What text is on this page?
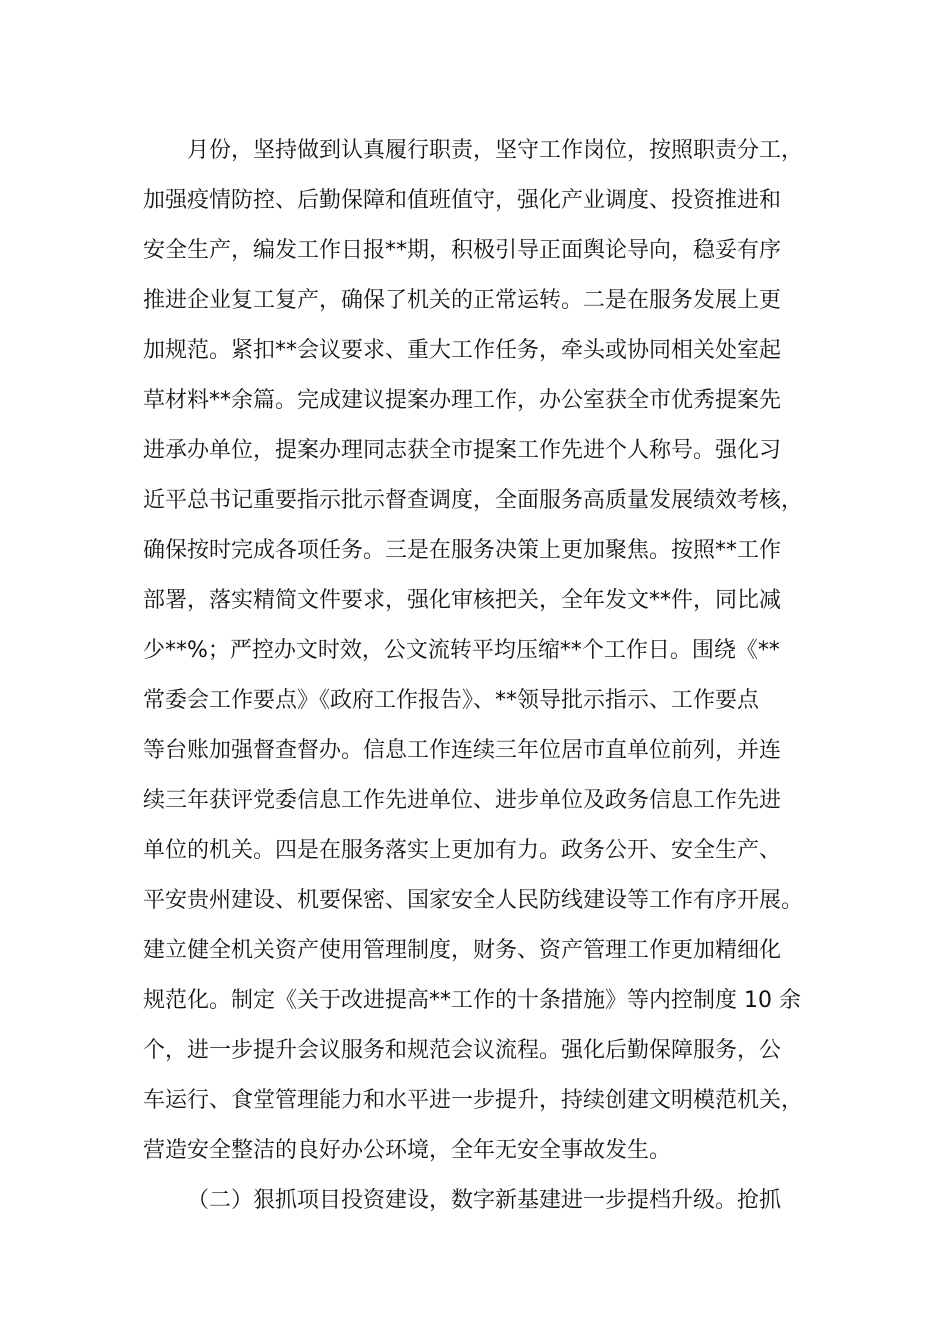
月份，坚持做到认真履行职责，坚守工作岗位，按照职责分工，
加强疫情防控、后勤保障和值班值守，强化产业调度、投资推进和
安全生产，编发工作日报**期，积极引导正面舆论导向，稳妥有序
推进企业复工复产，确保了机关的正常运转。二是在服务发展上更
加规范。紧扣**会议要求、重大工作任务，牵头或协同相关处室起
草材料**余篇。完成建议提案办理工作，办公室获全市优秀提案先
进承办单位，提案办理同志获全市提案工作先进个人称号。强化习
近平总书记重要指示批示督查调度，全面服务高质量发展绩效考核，
确保按时完成各项任务。三是在服务决策上更加聚焦。按照**工作
部署，落实精简文件要求，强化审核把关，全年发文**件，同比减
少**%；严控办文时效，公文流转平均压缩**个工作日。围绕《**
常委会工作要点》《政府工作报告》、**领导批示指示、工作要点
等台账加强督查督办。信息工作连续三年位居市直单位前列，并连
续三年获评党委信息工作先进单位、进步单位及政务信息工作先进
单位的机关。四是在服务落实上更加有力。政务公开、安全生产、
平安贵州建设、机要保密、国家安全人民防线建设等工作有序开展。
建立健全机关资产使用管理制度，财务、资产管理工作更加精细化
规范化。制定《关于改进提高**工作的十条措施》等内控制度 10 余
个，进一步提升会议服务和规范会议流程。强化后勤保障服务，公
车运行、食堂管理能力和水平进一步提升，持续创建文明模范机关，
营造安全整洁的良好办公环境，全年无安全事故发生。
（二）狠抓项目投资建设，数字新基建进一步提档升级。抢抓
